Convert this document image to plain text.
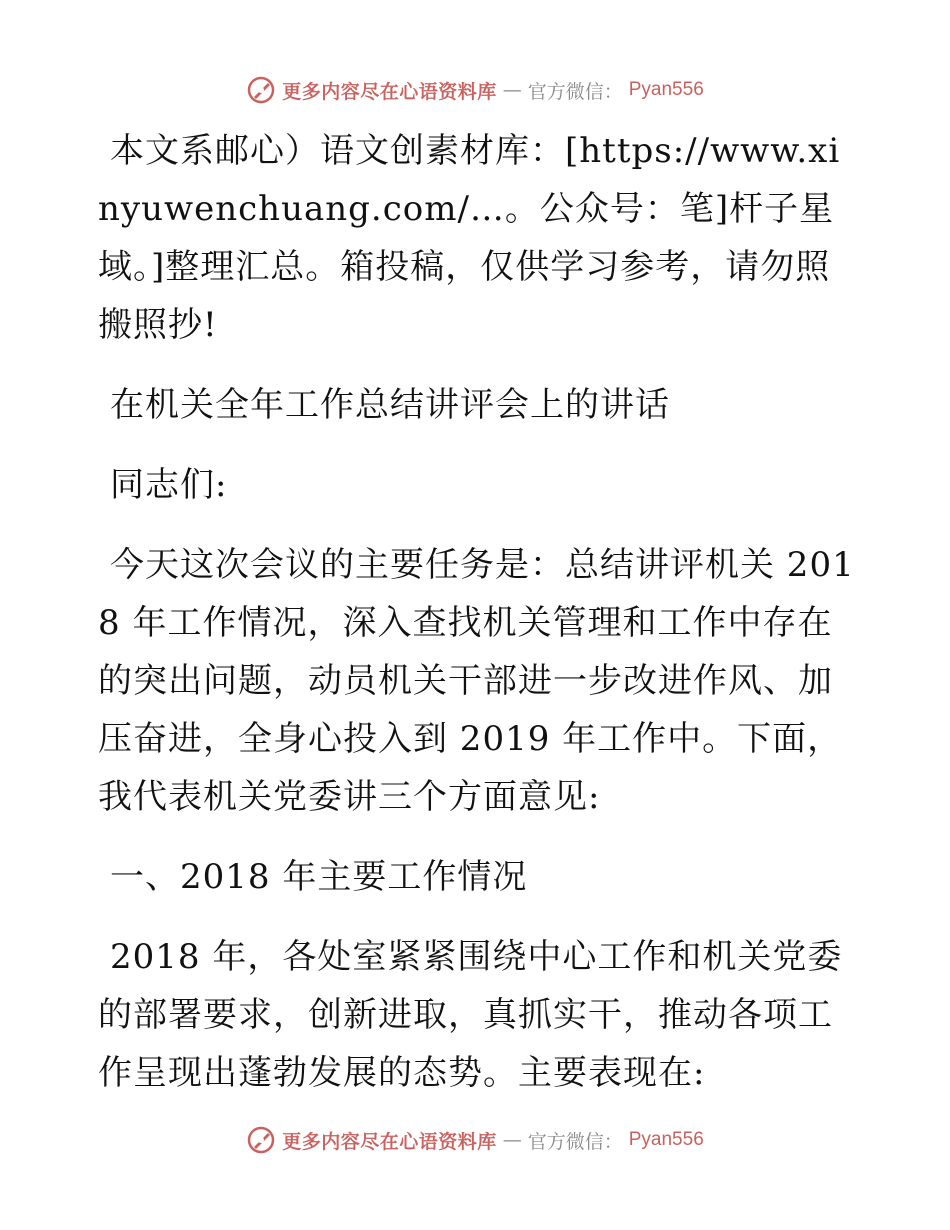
更多内容尽在心语资料库 — 官方微信： Pyan556

本文系邮心）语文创素材库：[https://www.xinyuwenchuang.com/…。公众号：笔]杆子星域。]整理汇总。箱投稿，仅供学习参考，请勿照搬照抄!

在机关全年工作总结讲评会上的讲话

同志们:

今天这次会议的主要任务是：总结讲评机关 2018 年工作情况，深入查找机关管理和工作中存在的突出问题，动员机关干部进一步改进作风、加压奋进，全身心投入到 2019 年工作中。下面，我代表机关党委讲三个方面意见:

一、2018 年主要工作情况

2018 年，各处室紧紧围绕中心工作和机关党委的部署要求，创新进取，真抓实干，推动各项工作呈现出蓬勃发展的态势。主要表现在:

更多内容尽在心语资料库 — 官方微信： Pyan556
